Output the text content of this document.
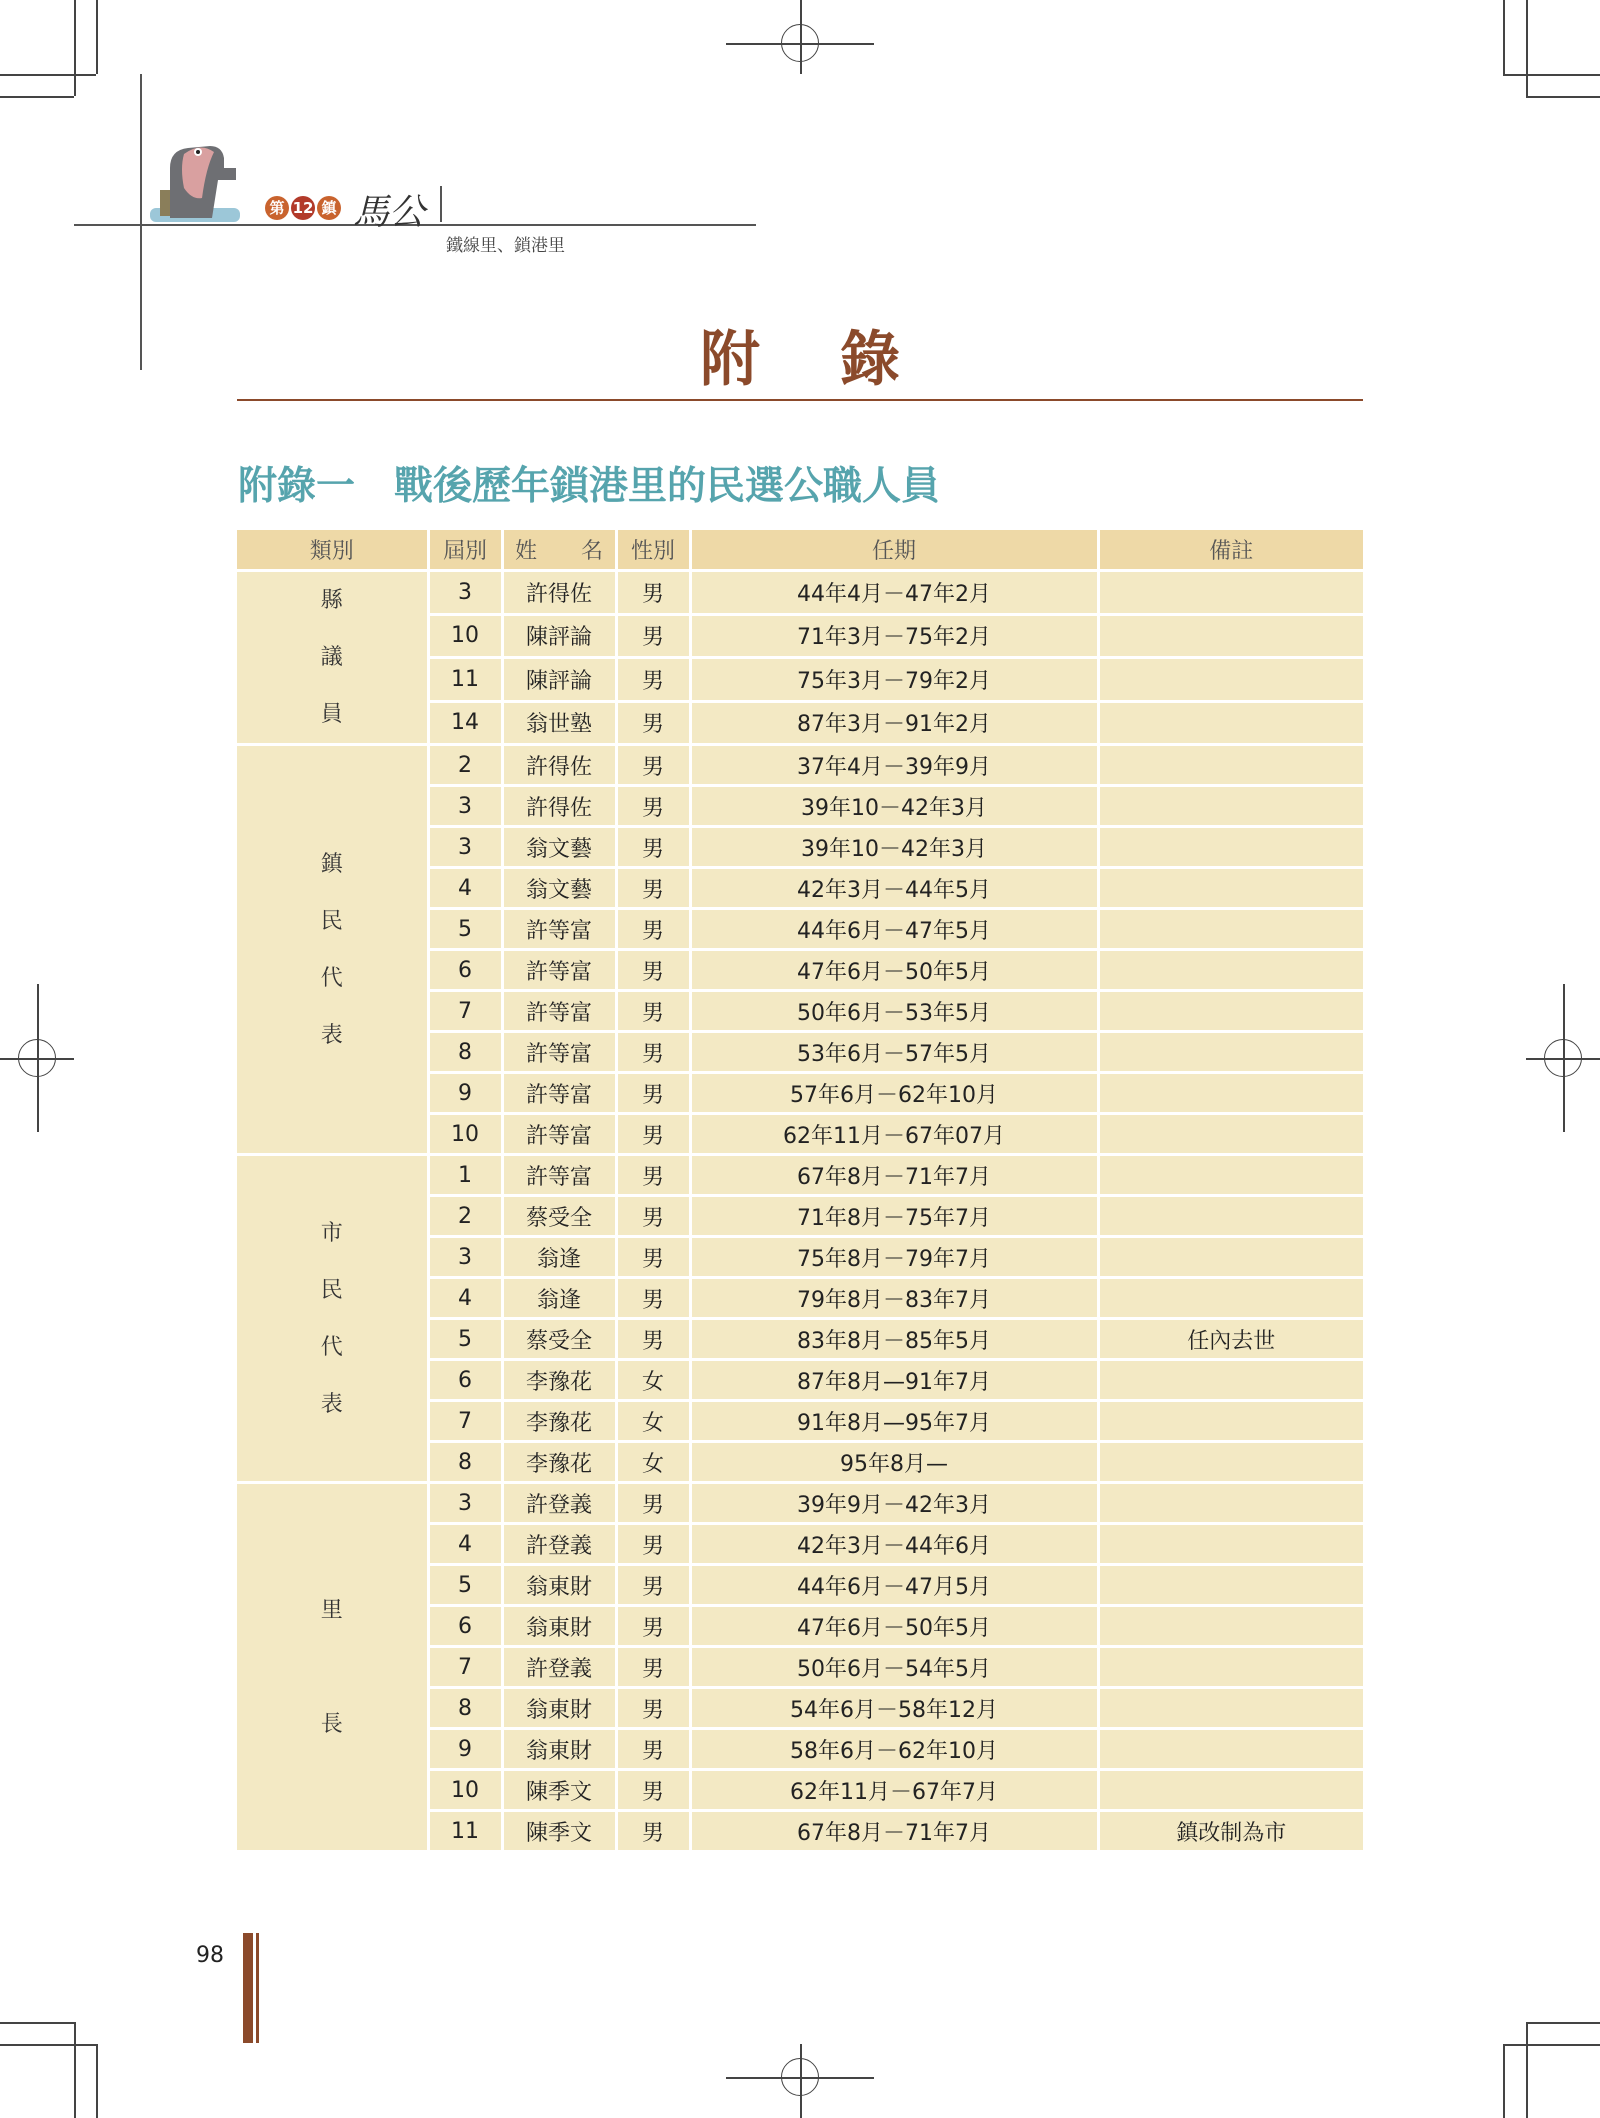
第 12 鎮 馬公
鐵線里、鎖港里
附錄
附錄一　戰後歷年鎖港里的民選公職人員
類別	屆別	姓　　名	性別	任期	備註
縣
議
員	3	許得佐	男	44年4月－47年2月	
	10	陳評論	男	71年3月－75年2月	
	11	陳評論	男	75年3月－79年2月	
	14	翁世塾	男	87年3月－91年2月	
鎮
民
代
表	2	許得佐	男	37年4月－39年9月	
	3	許得佐	男	39年10－42年3月	
	3	翁文藝	男	39年10－42年3月	
	4	翁文藝	男	42年3月－44年5月	
	5	許等富	男	44年6月－47年5月	
	6	許等富	男	47年6月－50年5月	
	7	許等富	男	50年6月－53年5月	
	8	許等富	男	53年6月－57年5月	
	9	許等富	男	57年6月－62年10月	
	10	許等富	男	62年11月－67年07月	
市
民
代
表	1	許等富	男	67年8月－71年7月	
	2	蔡受全	男	71年8月－75年7月	
	3	翁逢	男	75年8月－79年7月	
	4	翁逢	男	79年8月－83年7月	
	5	蔡受全	男	83年8月－85年5月	任內去世
	6	李豫花	女	87年8月—91年7月	
	7	李豫花	女	91年8月—95年7月	
	8	李豫花	女	95年8月—	
里

長	3	許登義	男	39年9月－42年3月	
	4	許登義	男	42年3月－44年6月	
	5	翁東財	男	44年6月－47月5月	
	6	翁東財	男	47年6月－50年5月	
	7	許登義	男	50年6月－54年5月	
	8	翁東財	男	54年6月－58年12月	
	9	翁東財	男	58年6月－62年10月	
	10	陳季文	男	62年11月－67年7月	
	11	陳季文	男	67年8月－71年7月	鎮改制為市
98
